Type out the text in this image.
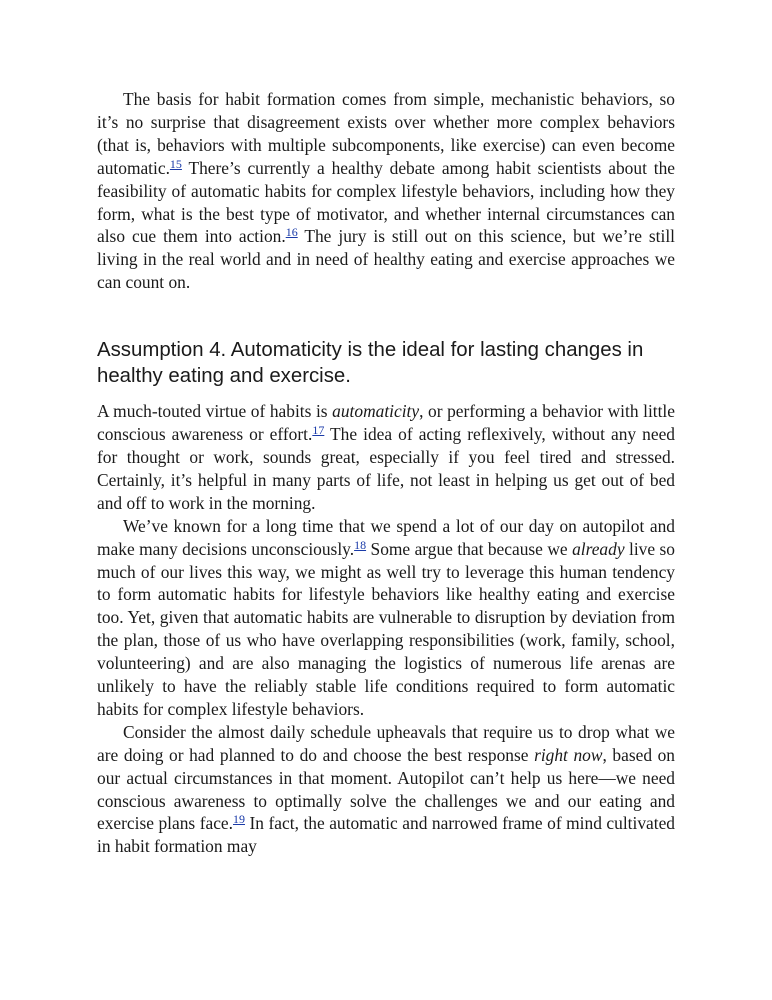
The basis for habit formation comes from simple, mechanistic behaviors, so it’s no surprise that disagreement exists over whether more complex behaviors (that is, behaviors with multiple subcomponents, like exercise) can even become automatic.$^{15}$ There’s currently a healthy debate among habit scientists about the feasibility of automatic habits for complex lifestyle behaviors, including how they form, what is the best type of motivator, and whether internal circumstances can also cue them into action.$^{16}$ The jury is still out on this science, but we’re still living in the real world and in need of healthy eating and exercise approaches we can count on.

Assumption 4. Automaticity is the ideal for lasting changes in healthy eating and exercise.

A much-touted virtue of habits is automaticity, or performing a behavior with little conscious awareness or effort.$^{17}$ The idea of acting reflexively, without any need for thought or work, sounds great, especially if you feel tired and stressed. Certainly, it’s helpful in many parts of life, not least in helping us get out of bed and off to work in the morning.

We’ve known for a long time that we spend a lot of our day on autopilot and make many decisions unconsciously.$^{18}$ Some argue that because we already live so much of our lives this way, we might as well try to leverage this human tendency to form automatic habits for lifestyle behaviors like healthy eating and exercise too. Yet, given that automatic habits are vulnerable to disruption by deviation from the plan, those of us who have overlapping responsibilities (work, family, school, volunteering) and are also managing the logistics of numerous life arenas are unlikely to have the reliably stable life conditions required to form automatic habits for complex lifestyle behaviors.

Consider the almost daily schedule upheavals that require us to drop what we are doing or had planned to do and choose the best response right now, based on our actual circumstances in that moment. Autopilot can’t help us here—we need conscious awareness to optimally solve the challenges we and our eating and exercise plans face.$^{19}$ In fact, the automatic and narrowed frame of mind cultivated in habit formation may
